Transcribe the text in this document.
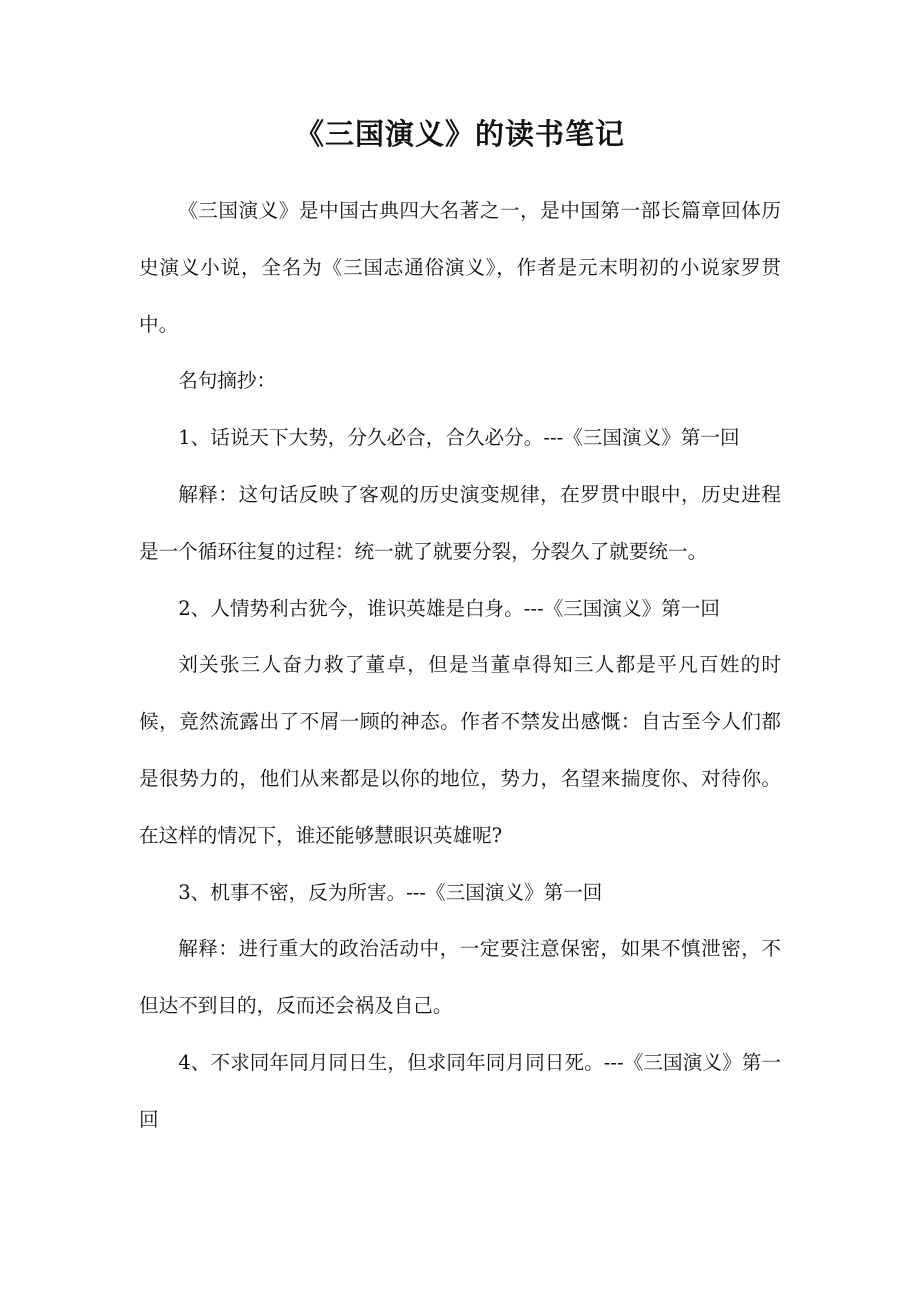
《三国演义》的读书笔记

《三国演义》是中国古典四大名著之一，是中国第一部长篇章回体历史演义小说，全名为《三国志通俗演义》，作者是元末明初的小说家罗贯中。

名句摘抄：

1、话说天下大势，分久必合，合久必分。---《三国演义》第一回

解释：这句话反映了客观的历史演变规律，在罗贯中眼中，历史进程是一个循环往复的过程：统一就了就要分裂，分裂久了就要统一。

2、人情势利古犹今，谁识英雄是白身。---《三国演义》第一回

刘关张三人奋力救了董卓，但是当董卓得知三人都是平凡百姓的时候，竟然流露出了不屑一顾的神态。作者不禁发出感慨：自古至今人们都是很势力的，他们从来都是以你的地位，势力，名望来揣度你、对待你。在这样的情况下，谁还能够慧眼识英雄呢?

3、机事不密，反为所害。---《三国演义》第一回

解释：进行重大的政治活动中，一定要注意保密，如果不慎泄密，不但达不到目的，反而还会祸及自己。

4、不求同年同月同日生，但求同年同月同日死。---《三国演义》第一回
